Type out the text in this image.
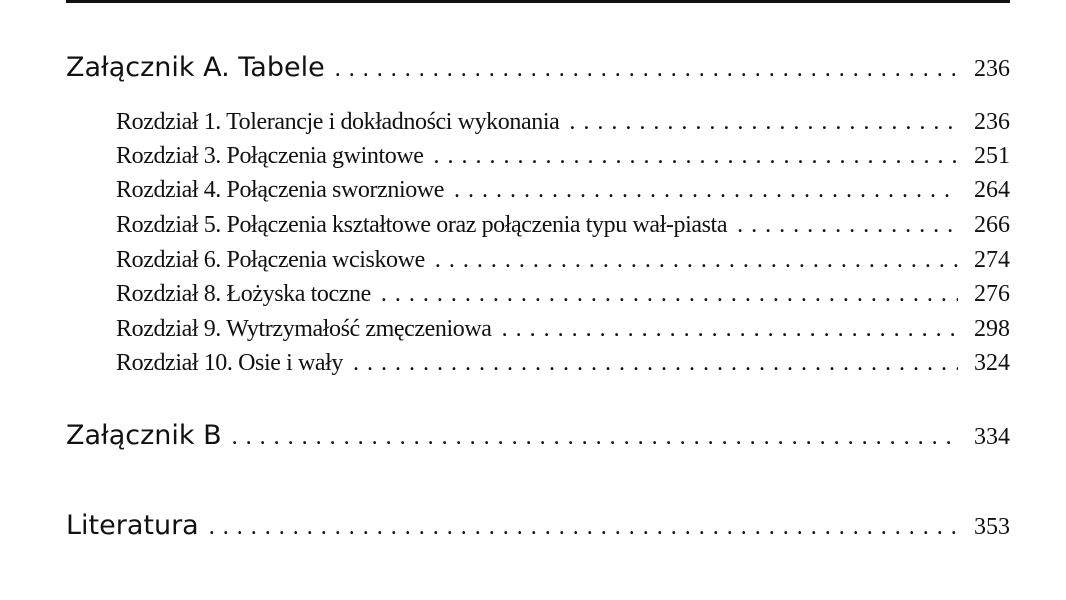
Załącznik A. Tabele . . .	236
Rozdział 1. Tolerancje i dokładności wykonania . . .	236
Rozdział 3. Połączenia gwintowe . . .	251
Rozdział 4. Połączenia sworzniowe . . .	264
Rozdział 5. Połączenia kształtowe oraz połączenia typu wał-piasta . . .	266
Rozdział 6. Połączenia wciskowe . . .	274
Rozdział 8. Łożyska toczne . . .	276
Rozdział 9. Wytrzymałość zmęczeniowa . . .	298
Rozdział 10. Osie i wały . . .	324
Załącznik B . . .	334
Literatura . . .	353
